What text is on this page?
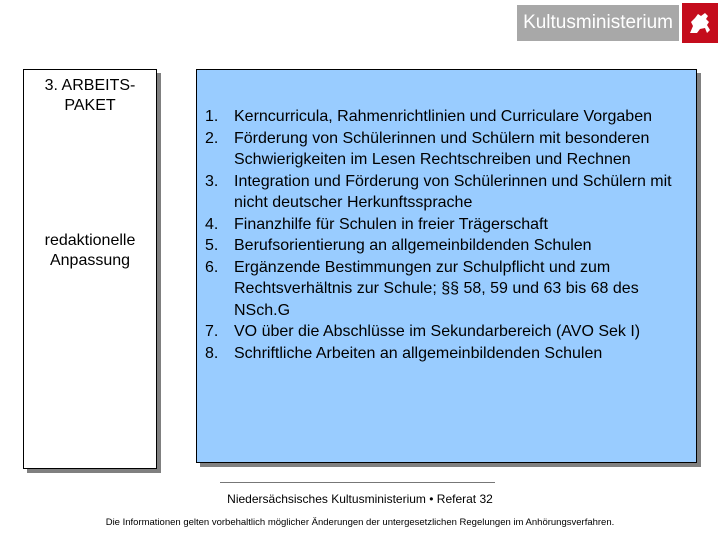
Kultusministerium
3. ARBEITS-PAKET
redaktionelle Anpassung
1. Kerncurricula, Rahmenrichtlinien und Curriculare Vorgaben
2. Förderung von Schülerinnen und Schülern mit besonderen Schwierigkeiten im Lesen Rechtschreiben und Rechnen
3. Integration und Förderung von Schülerinnen und Schülern mit nicht deutscher Herkunftssprache
4. Finanzhilfe für Schulen in freier Trägerschaft
5. Berufsorientierung an allgemeinbildenden Schulen
6. Ergänzende Bestimmungen zur Schulpflicht und zum Rechtsverhältnis zur Schule; §§ 58, 59 und 63 bis 68 des NSch.G
7. VO über die Abschlüsse im Sekundarbereich (AVO Sek I)
8. Schriftliche Arbeiten an allgemeinbildenden Schulen
Niedersächsisches Kultusministerium • Referat 32
Die Informationen gelten vorbehaltlich möglicher Änderungen der untergesetzlichen Regelungen im Anhörungsverfahren.
